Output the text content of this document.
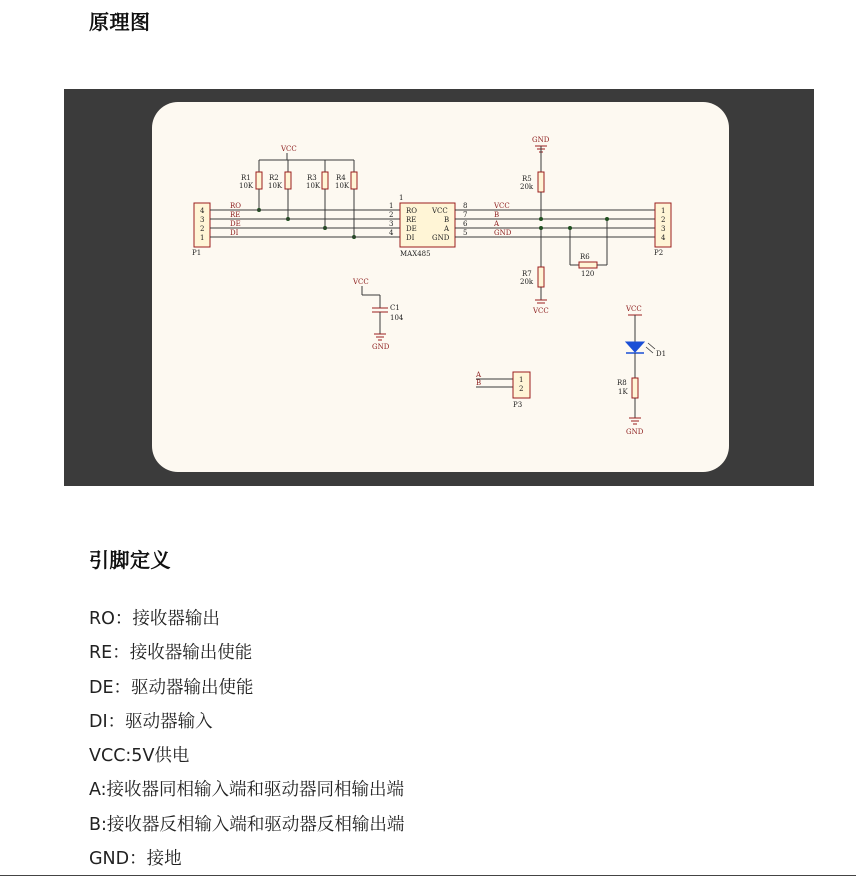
原理图
VCC
R1
10K
R2
10K
R3
10K
R4
10K
4
3
2
1
P1
RO
RE
DE
DI
1
2
3
4
1
RO
RE
DE
DI
VCC
B
A
GND
MAX485
8
7
6
5
VCC
B
A
GND
GND
R5
20k
VCC
R7
20k
R6
120
1
2
3
4
P2
VCC
C1
104
GND
VCC
D1
GND
R8
1K
A
B	1
2
P3
引脚定义
RO：接收器输出
RE：接收器输出使能
DE：驱动器输出使能
DI：驱动器输入
VCC:5V供电
A:接收器同相输入端和驱动器同相输出端
B:接收器反相输入端和驱动器反相输出端
GND：接地
